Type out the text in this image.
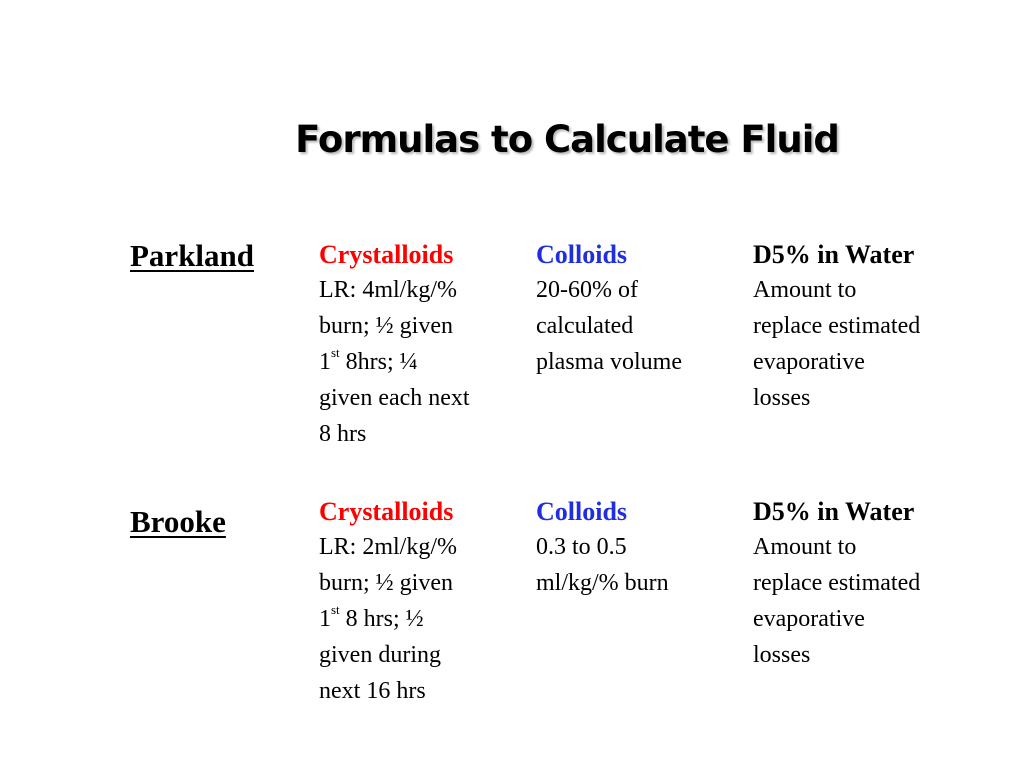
Formulas to Calculate Fluid
Parkland Crystalloids
LR: 4ml/kg/%
burn; ½ given
1st 8hrs; ¼
given each next
8 hrs
Colloids
20-60% of
calculated
plasma volume
D5% in Water
Amount to
replace estimated
evaporative
losses
Brooke	Crystalloids
LR: 2ml/kg/%
burn; ½ given
1st 8 hrs; ½
given during
next 16 hrs
Colloids
0.3 to 0.5
ml/kg/% burn
D5% in Water
Amount to
replace estimated
evaporative
losses
